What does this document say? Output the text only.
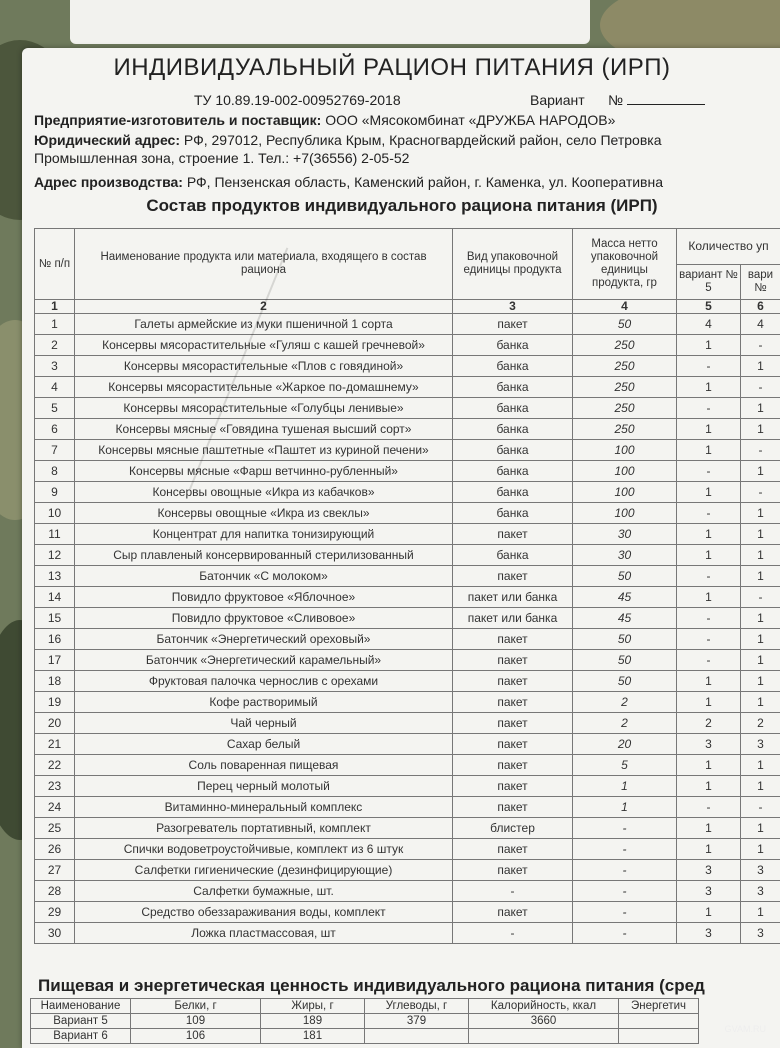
ИНДИВИДУАЛЬНЫЙ РАЦИОН ПИТАНИЯ (ИРП)
ТУ 10.89.19-002-00952769-2018	Вариант №
Предприятие-изготовитель и поставщик: ООО «Мясокомбинат «ДРУЖБА НАРОДОВ»
Юридический адрес: РФ, 297012, Республика Крым, Красногвардейский район, село Петровка
Промышленная зона, строение 1. Тел.: +7(36556) 2-05-52
Адрес производства: РФ, Пензенская область, Каменский район, г. Каменка, ул. Кооперативна
Состав продуктов индивидуального рациона питания (ИРП)
№ п/п	Наименование продукта или материала, входящего в состав рациона	Вид упаковочной единицы продукта	Масса нетто упаковочной единицы продукта, гр	Количество уп	
				вариант № 5	вари №
1	2	3	4	5	6
1	Галеты армейские из муки пшеничной 1 сорта	пакет	50	4	4
2	Консервы мясорастительные «Гуляш с кашей гречневой»	банка	250	1	-
3	Консервы мясорастительные «Плов с говядиной»	банка	250	-	1
4	Консервы мясорастительные «Жаркое по-домашнему»	банка	250	1	-
5	Консервы мясорастительные «Голубцы ленивые»	банка	250	-	1
6	Консервы мясные «Говядина тушеная высший сорт»	банка	250	1	1
7	Консервы мясные паштетные «Паштет из куриной печени»	банка	100	1	-
8	Консервы мясные «Фарш ветчинно-рубленный»	банка	100	-	1
9	Консервы овощные «Икра из кабачков»	банка	100	1	-
10	Консервы овощные «Икра из свеклы»	банка	100	-	1
11	Концентрат для напитка тонизирующий	пакет	30	1	1
12	Сыр плавленый консервированный стерилизованный	банка	30	1	1
13	Батончик «С молоком»	пакет	50	-	1
14	Повидло фруктовое «Яблочное»	пакет или банка	45	1	-
15	Повидло фруктовое «Сливовое»	пакет или банка	45	-	1
16	Батончик «Энергетический ореховый»	пакет	50	-	1
17	Батончик «Энергетический карамельный»	пакет	50	-	1
18	Фруктовая палочка чернослив с орехами	пакет	50	1	1
19	Кофе растворимый	пакет	2	1	1
20	Чай черный	пакет	2	2	2
21	Сахар белый	пакет	20	3	3
22	Соль поваренная пищевая	пакет	5	1	1
23	Перец черный молотый	пакет	1	1	1
24	Витаминно-минеральный комплекс	пакет	1	-	-
25	Разогреватель портативный, комплект	блистер	-	1	1
26	Спички водоветроустойчивые, комплект из 6 штук	пакет	-	1	1
27	Салфетки гигиенические (дезинфицирующие)	пакет	-	3	3
28	Салфетки бумажные, шт.	-	-	3	3
29	Средство обеззараживания воды, комплект	пакет	-	1	1
30	Ложка пластмассовая, шт	-	-	3	3
Пищевая и энергетическая ценность индивидуального рациона питания (сред
Наименование	Белки, г	Жиры, г	Углеводы, г	Калорийность, ккал	Энергетич
Вариант 5	109	189	379	3660	
Вариант 6	106	181			
GVAM.RU
